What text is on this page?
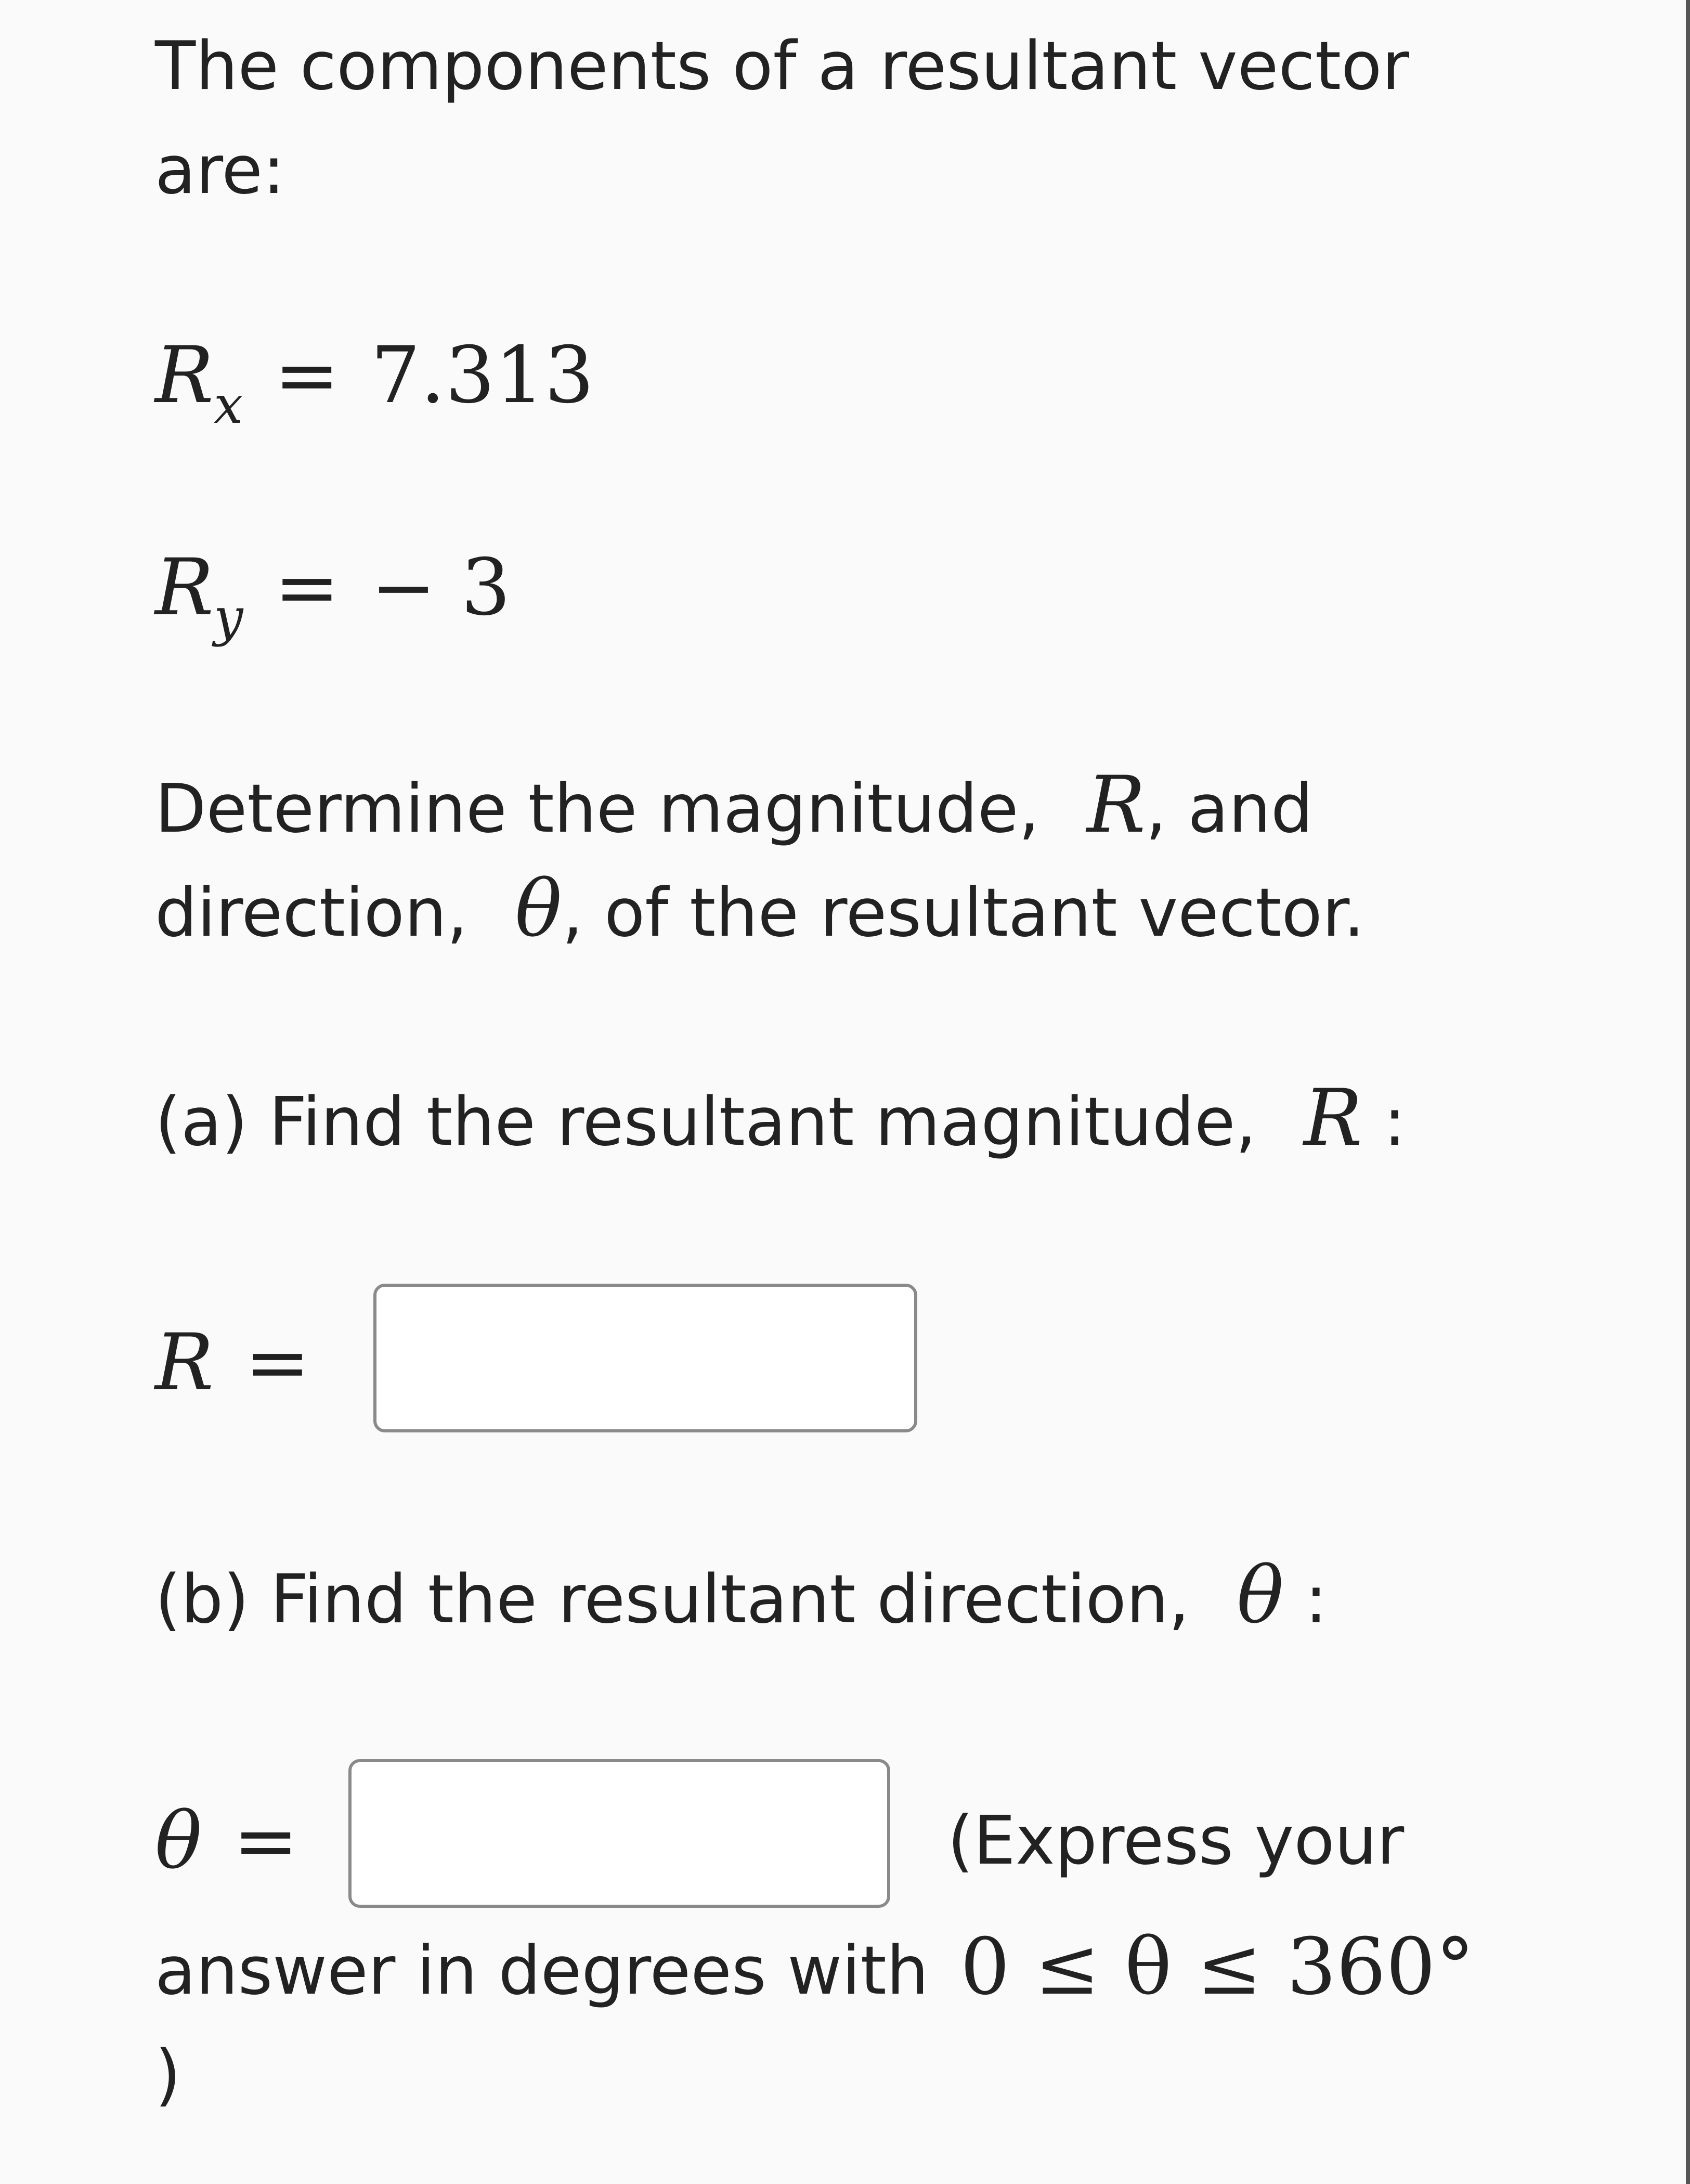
The components of a resultant vector
are:
$R_x = 7.313$
$R_y$ = − 3
Determine the magnitude, R, and
direction, θ, of the resultant vector.
(a) Find the resultant magnitude, R :
R =
(b) Find the resultant direction, θ :
θ =	(Express your
answer in degrees with 0 ≤ θ ≤ 360°
)
